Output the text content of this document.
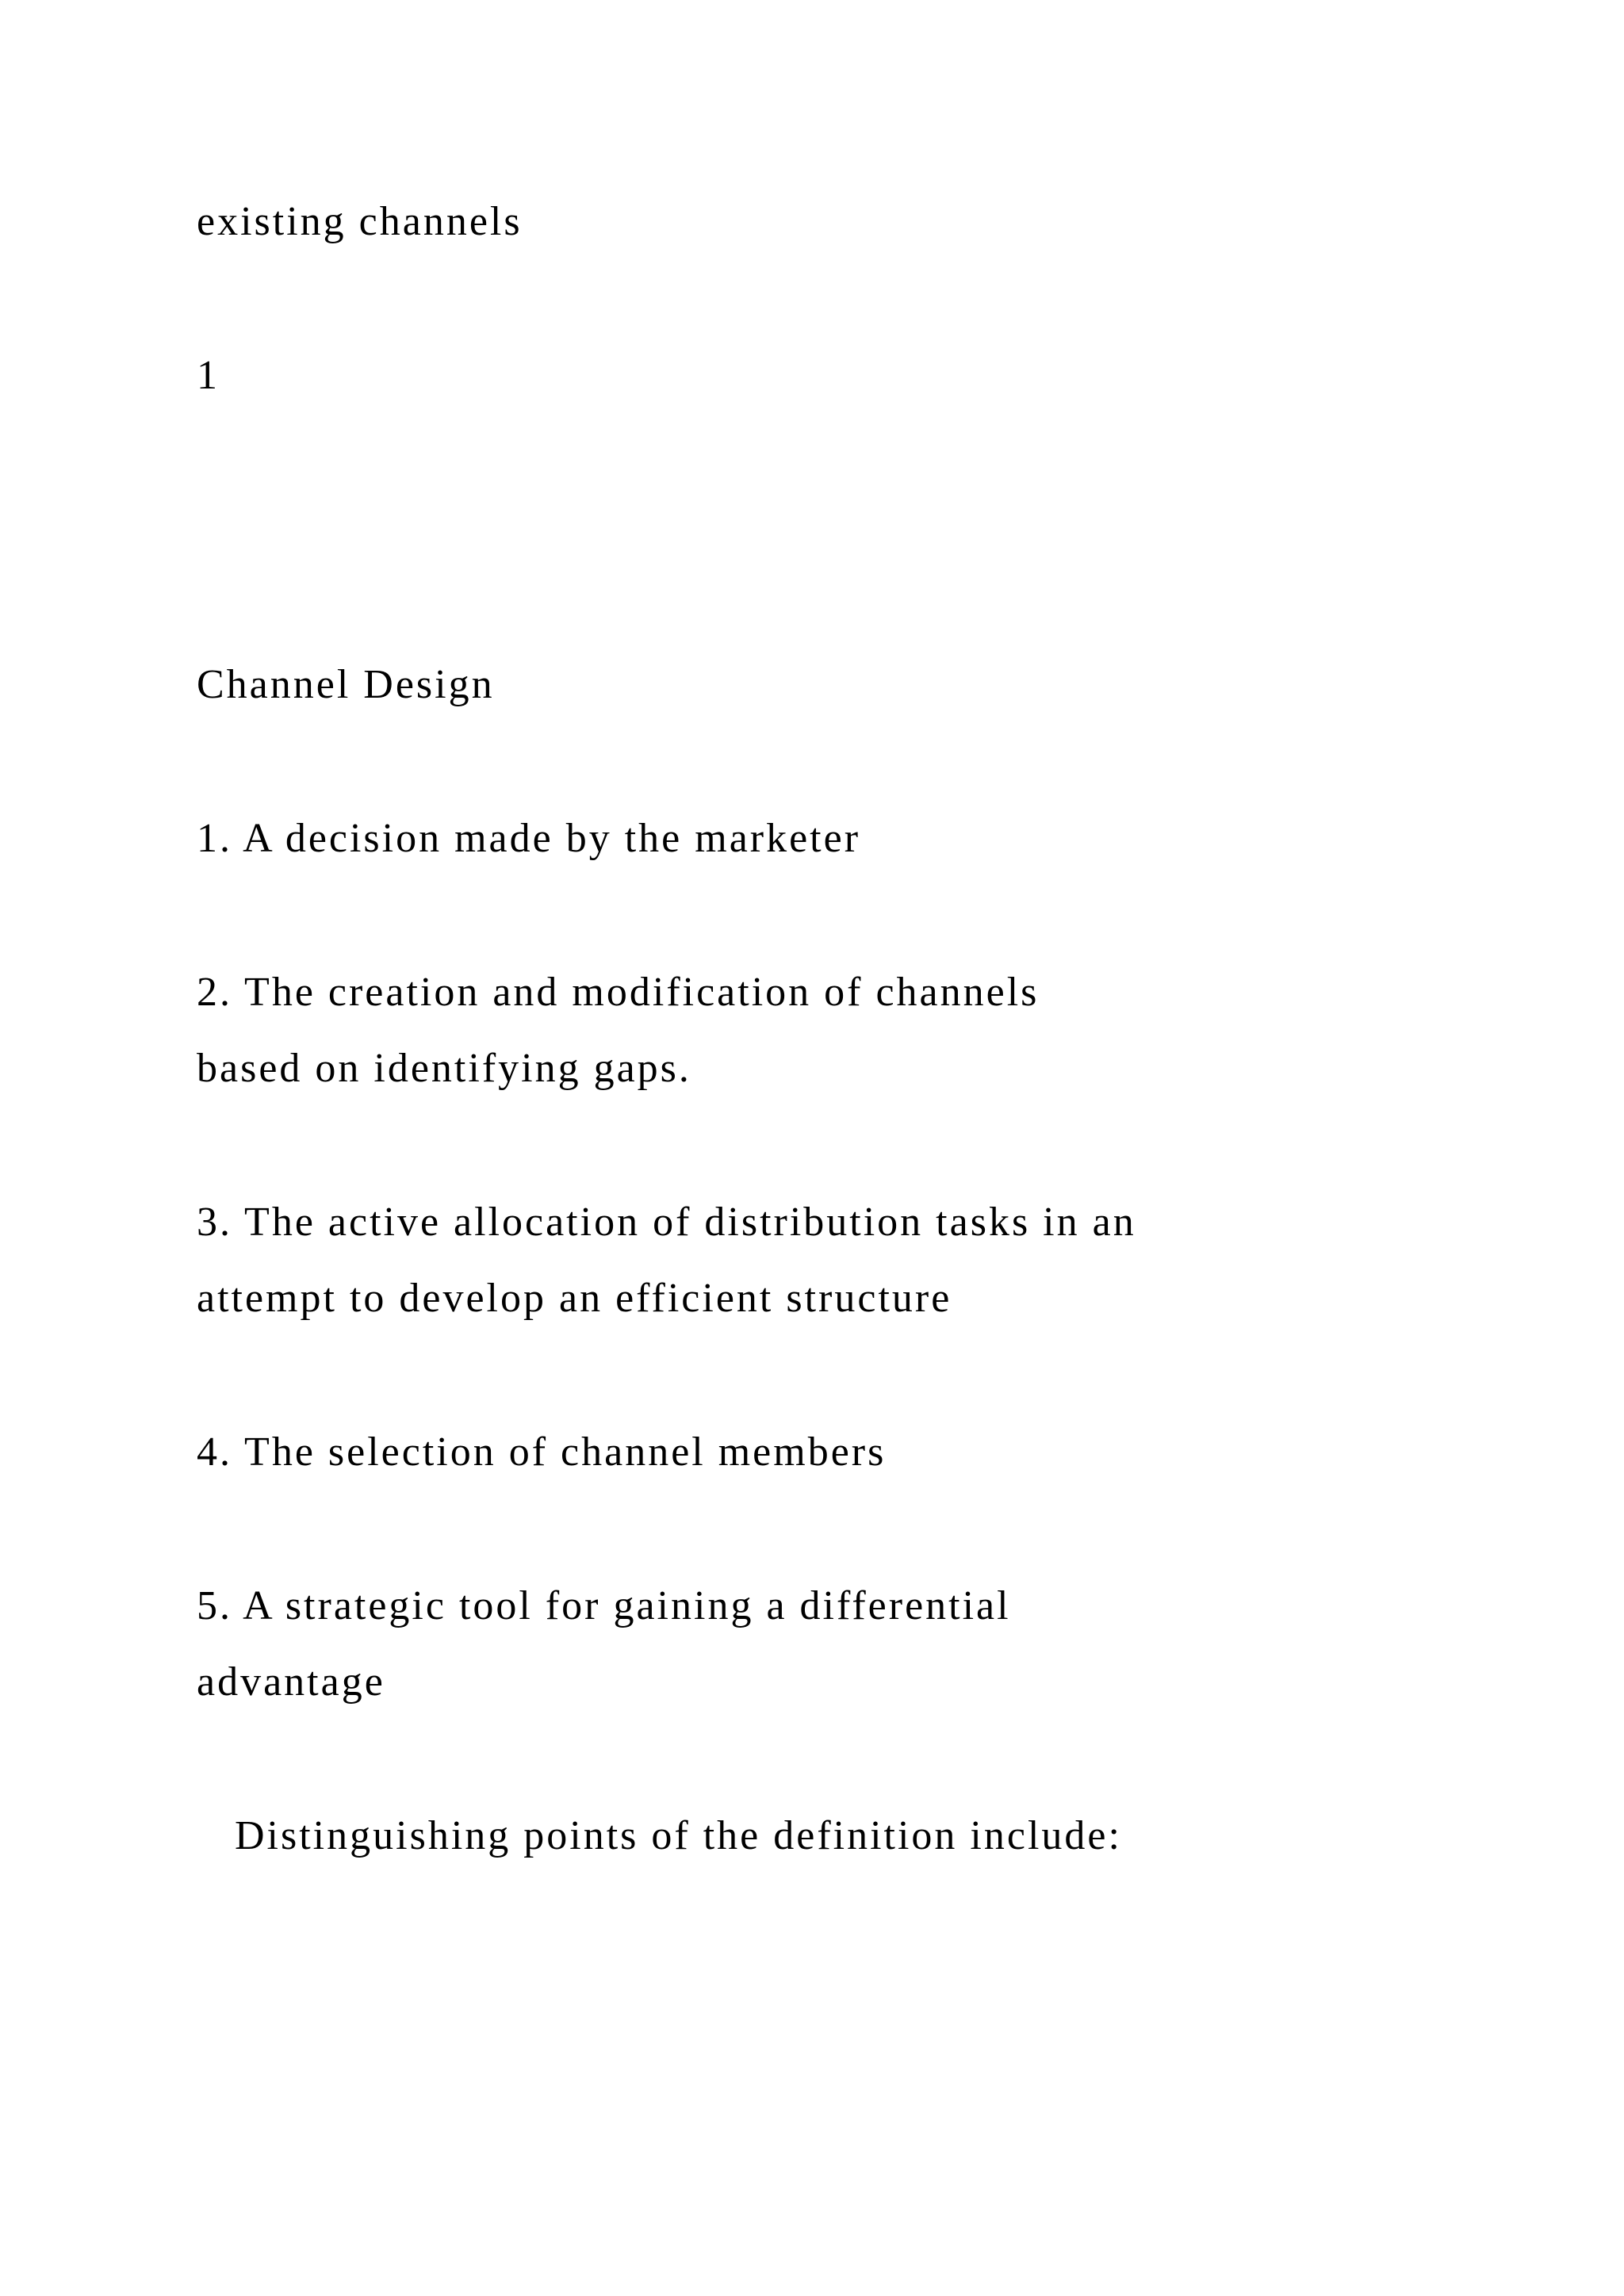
existing channels

1

Channel Design

1. A decision made by the marketer

2. The creation and modification of channels

based on identifying gaps.

3. The active allocation of distribution tasks in an

attempt to develop an efficient structure

4. The selection of channel members

5. A strategic tool for gaining a differential

advantage

Distinguishing points of the definition include:
